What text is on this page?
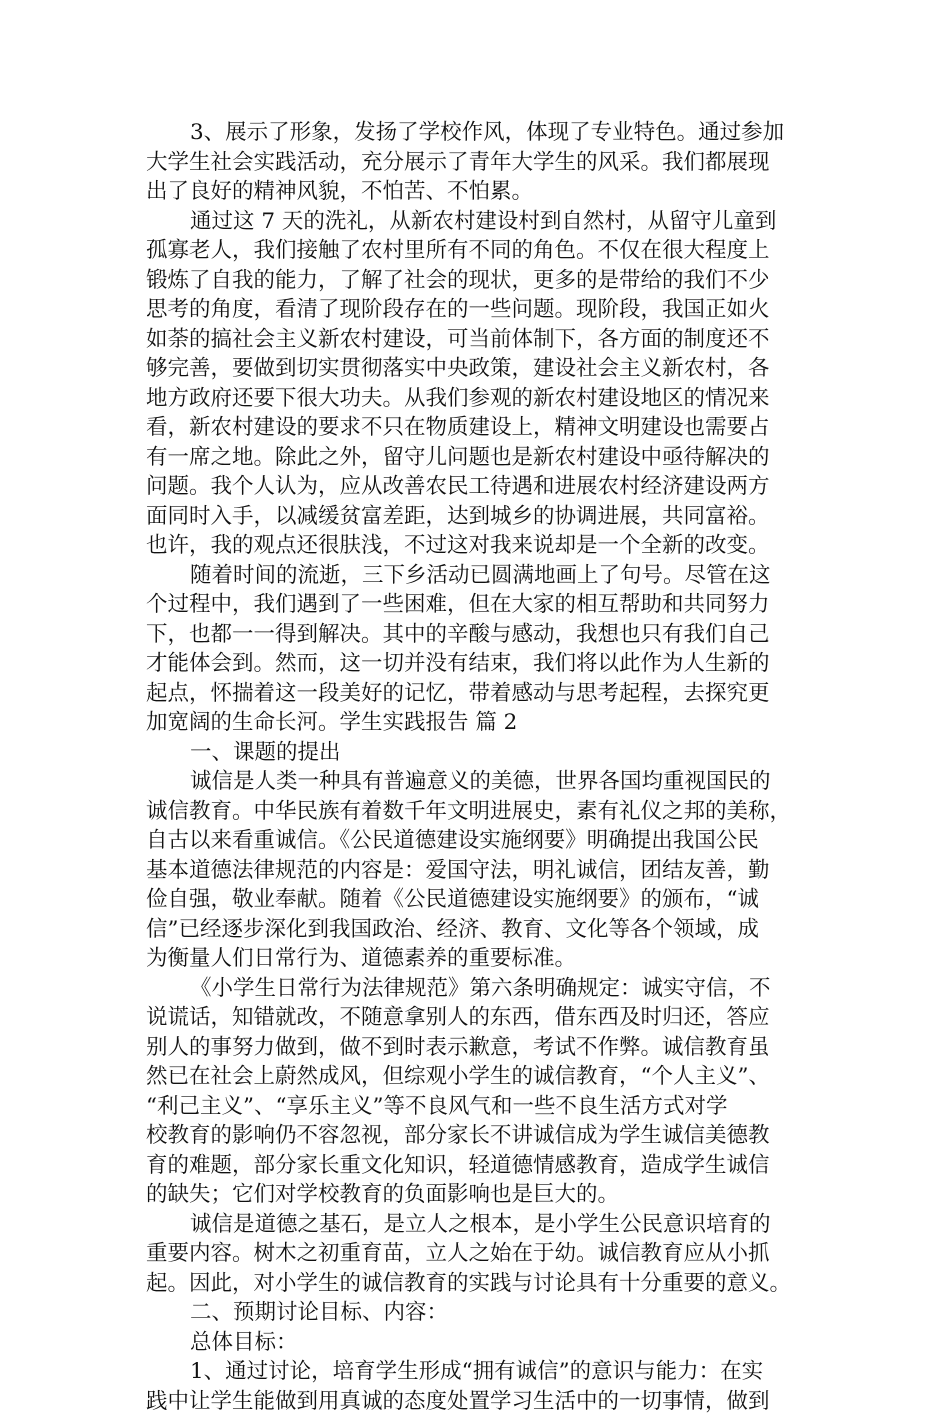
3、展示了形象，发扬了学校作风，体现了专业特色。通过参加
大学生社会实践活动，充分展示了青年大学生的风采。我们都展现
出了良好的精神风貌，不怕苦、不怕累。
通过这 7 天的洗礼，从新农村建设村到自然村，从留守儿童到
孤寡老人，我们接触了农村里所有不同的角色。不仅在很大程度上
锻炼了自我的能力，了解了社会的现状，更多的是带给的我们不少
思考的角度，看清了现阶段存在的一些问题。现阶段，我国正如火
如荼的搞社会主义新农村建设，可当前体制下，各方面的制度还不
够完善，要做到切实贯彻落实中央政策，建设社会主义新农村，各
地方政府还要下很大功夫。从我们参观的新农村建设地区的情况来
看，新农村建设的要求不只在物质建设上，精神文明建设也需要占
有一席之地。除此之外，留守儿问题也是新农村建设中亟待解决的
问题。我个人认为，应从改善农民工待遇和进展农村经济建设两方
面同时入手，以减缓贫富差距，达到城乡的协调进展，共同富裕。
也许，我的观点还很肤浅，不过这对我来说却是一个全新的改变。
随着时间的流逝，三下乡活动已圆满地画上了句号。尽管在这
个过程中，我们遇到了一些困难，但在大家的相互帮助和共同努力
下，也都一一得到解决。其中的辛酸与感动，我想也只有我们自己
才能体会到。然而，这一切并没有结束，我们将以此作为人生新的
起点，怀揣着这一段美好的记忆，带着感动与思考起程，去探究更
加宽阔的生命长河。学生实践报告 篇 2
一、课题的提出
诚信是人类一种具有普遍意义的美德，世界各国均重视国民的
诚信教育。中华民族有着数千年文明进展史，素有礼仪之邦的美称，
自古以来看重诚信。《公民道德建设实施纲要》明确提出我国公民
基本道德法律规范的内容是：爱国守法，明礼诚信，团结友善，勤
俭自强，敬业奉献。随着《公民道德建设实施纲要》的颁布，“诚
信”已经逐步深化到我国政治、经济、教育、文化等各个领域，成
为衡量人们日常行为、道德素养的重要标准。
《小学生日常行为法律规范》第六条明确规定：诚实守信，不
说谎话，知错就改，不随意拿别人的东西，借东西及时归还，答应
别人的事努力做到，做不到时表示歉意，考试不作弊。诚信教育虽
然已在社会上蔚然成风，但综观小学生的诚信教育，“个人主义”、
“利己主义”、“享乐主义”等不良风气和一些不良生活方式对学
校教育的影响仍不容忽视，部分家长不讲诚信成为学生诚信美德教
育的难题，部分家长重文化知识，轻道德情感教育，造成学生诚信
的缺失；它们对学校教育的负面影响也是巨大的。
诚信是道德之基石，是立人之根本，是小学生公民意识培育的
重要内容。树木之初重育苗，立人之始在于幼。诚信教育应从小抓
起。因此，对小学生的诚信教育的实践与讨论具有十分重要的意义。
二、预期讨论目标、内容：
总体目标：
1、通过讨论，培育学生形成“拥有诚信”的意识与能力：在实
践中让学生能做到用真诚的态度处置学习生活中的一切事情，做到
